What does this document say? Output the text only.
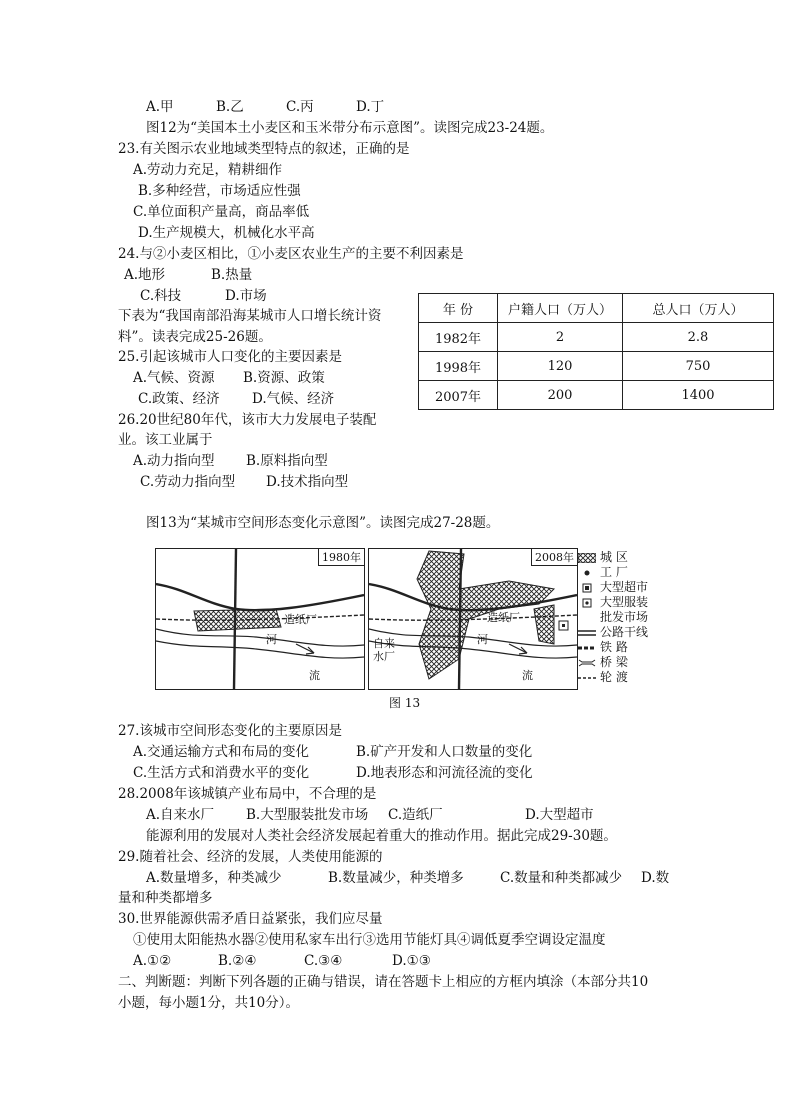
A.甲	B.乙	C.丙	D.丁
图12为“美国本土小麦区和玉米带分布示意图”。读图完成23-24题。
23.有关图示农业地域类型特点的叙述，正确的是
A.劳动力充足，精耕细作
B.多种经营，市场适应性强
C.单位面积产量高，商品率低
D.生产规模大，机械化水平高
24.与②小麦区相比，①小麦区农业生产的主要不利因素是
A.地形	B.热量
C.科技	D.市场
下表为“我国南部沿海某城市人口增长统计资
料”。读表完成25-26题。
年 份	户籍人口（万人）	总人口（万人）
1982年	2	2.8
1998年	120	750
2007年	200	1400
25.引起该城市人口变化的主要因素是
A.气候、资源 B.资源、政策
C.政策、经济 D.气候、经济
26.20世纪80年代，该市大力发展电子装配
业。该工业属于
A.动力指向型 B.原料指向型
C.劳动力指向型 D.技术指向型
图13为“某城市空间形态变化示意图”。读图完成27-28题。
1980年
造纸厂
河
流
2008年
造纸厂
自来
水厂
河
流
城 区
工 厂
大型超市
大型服装
批发市场
公路干线
铁 路
桥 梁
轮 渡
图 13
27.该城市空间形态变化的主要原因是
A.交通运输方式和布局的变化	B.矿产开发和人口数量的变化
C.生活方式和消费水平的变化	D.地表形态和河流径流的变化
28.2008年该城镇产业布局中，不合理的是
A.自来水厂 B.大型服装批发市场 C.造纸厂	D.大型超市
能源利用的发展对人类社会经济发展起着重大的推动作用。据此完成29-30题。
29.随着社会、经济的发展，人类使用能源的
A.数量增多，种类减少	B.数量减少，种类增多	C.数量和种类都减少 D.数
量和种类都增多
30.世界能源供需矛盾日益紧张，我们应尽量
①使用太阳能热水器②使用私家车出行③选用节能灯具④调低夏季空调设定温度
A.①②	B.②④	C.③④	D.①③
二、判断题：判断下列各题的正确与错误，请在答题卡上相应的方框内填涂（本部分共10
小题，每小题1分，共10分）。
